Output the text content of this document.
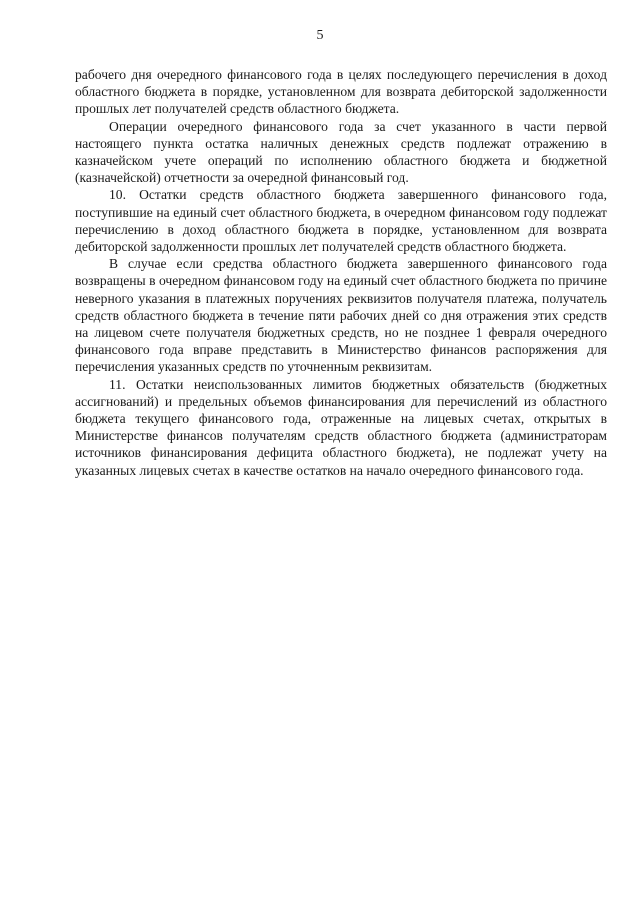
5

рабочего дня очередного финансового года в целях последующего перечисления в доход областного бюджета в порядке, установленном для возврата дебиторской задолженности прошлых лет получателей средств областного бюджета.

Операции очередного финансового года за счет указанного в части первой настоящего пункта остатка наличных денежных средств подлежат отражению в казначейском учете операций по исполнению областного бюджета и бюджетной (казначейской) отчетности за очередной финансовый год.

10. Остатки средств областного бюджета завершенного финансового года, поступившие на единый счет областного бюджета, в очередном финансовом году подлежат перечислению в доход областного бюджета в порядке, установленном для возврата дебиторской задолженности прошлых лет получателей средств областного бюджета.

В случае если средства областного бюджета завершенного финансового года возвращены в очередном финансовом году на единый счет областного бюджета по причине неверного указания в платежных поручениях реквизитов получателя платежа, получатель средств областного бюджета в течение пяти рабочих дней со дня отражения этих средств на лицевом счете получателя бюджетных средств, но не позднее 1 февраля очередного финансового года вправе представить в Министерство финансов распоряжения для перечисления указанных средств по уточненным реквизитам.

11. Остатки неиспользованных лимитов бюджетных обязательств (бюджетных ассигнований) и предельных объемов финансирования для перечислений из областного бюджета текущего финансового года, отраженные на лицевых счетах, открытых в Министерстве финансов получателям средств областного бюджета (администраторам источников финансирования дефицита областного бюджета), не подлежат учету на указанных лицевых счетах в качестве остатков на начало очередного финансового года.
